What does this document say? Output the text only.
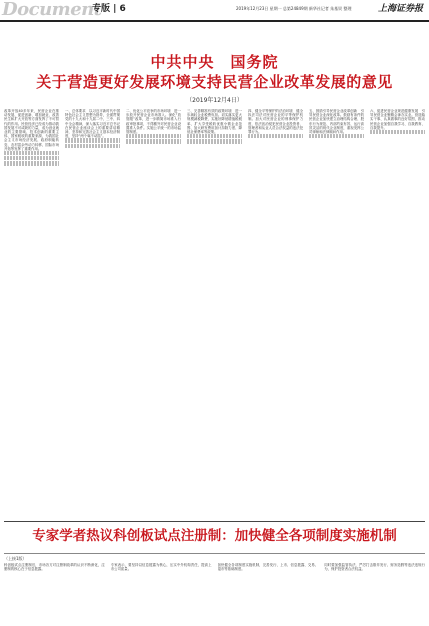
Document
专版 | 6	2019年12月23日 星期一 总第24849期 新华社记者 朱基钗 整理	上海证券报
中共中央　国务院
关于营造更好发展环境支持民营企业改革发展的意见
（2019年12月4日）
改革开放40多年来，民营企业在推动发展、促进创新、增加就业、改善民生和扩大开放等方面发挥了不可替代的作用。民营经济已经成为推动我国发展不可或缺的力量，成为创业就业的主要领域、技术创新的重要主体、国家税收的重要来源，为我国社会主义市场经济发展、政府职能转变、农村富余劳动力转移、国际市场开拓等发挥了重要作用。
一、总体要求　以习近平新时代中国特色社会主义思想为指导，全面贯彻党的十九大和十九届二中、三中、四中全会精神，深入落实习近平总书记在民营企业座谈会上的重要讲话精神，坚持和完善社会主义基本经济制度，坚持“两个毫不动摇”。
二、优化公平竞争的市场环境　进一步放开民营企业市场准入。深化“放管服”改革，进一步精简市场准入行政审批事项，不得额外对民营企业设置准入条件。实施公平统一的市场监管制度。
三、完善精准有效的政策环境　进一步减轻企业税费负担。切实落实更大规模减税降费，实施好降低增值税税率、扩大享受税收优惠小微企业范围、加大研发费用加计扣除力度、降低社保费率等政策。
四、健全平等保护的法治环境　健全执法司法对民营企业的平等保护机制。加大对民营企业的刑事保护力度，依法惩治侵犯民营企业投资者、管理者和从业人员合法权益的违法犯罪行为。
五、鼓励引导民营企业改革创新　引导民营企业深化改革。鼓励有条件的民营企业加快建立治理结构合理、股东行为规范、内部约束有效、运行高效灵活的现代企业制度，重视发挥公司律师和法律顾问作用。
六、促进民营企业规范健康发展　引导民营企业聚精会神办实业。营造踏实干事、认真做事的良好氛围，推动民营企业加强自我学习、自我教育、自我提升。
专家学者热议科创板试点注册制：加快健全各项制度实施机制
（上接1版）
科创板试点注册制后，市场各方对注册制改革的认识不断深化，注册制的核心在于信息披露。
专家表示，要坚持以信息披露为核心，压实中介机构责任，提高上市公司质量。
加快健全各项制度实施机制，完善发行、上市、信息披露、交易、退市等基础制度。
同时要加强监管执法，严厉打击欺诈发行、财务造假等违法违规行为，保护投资者合法权益。
